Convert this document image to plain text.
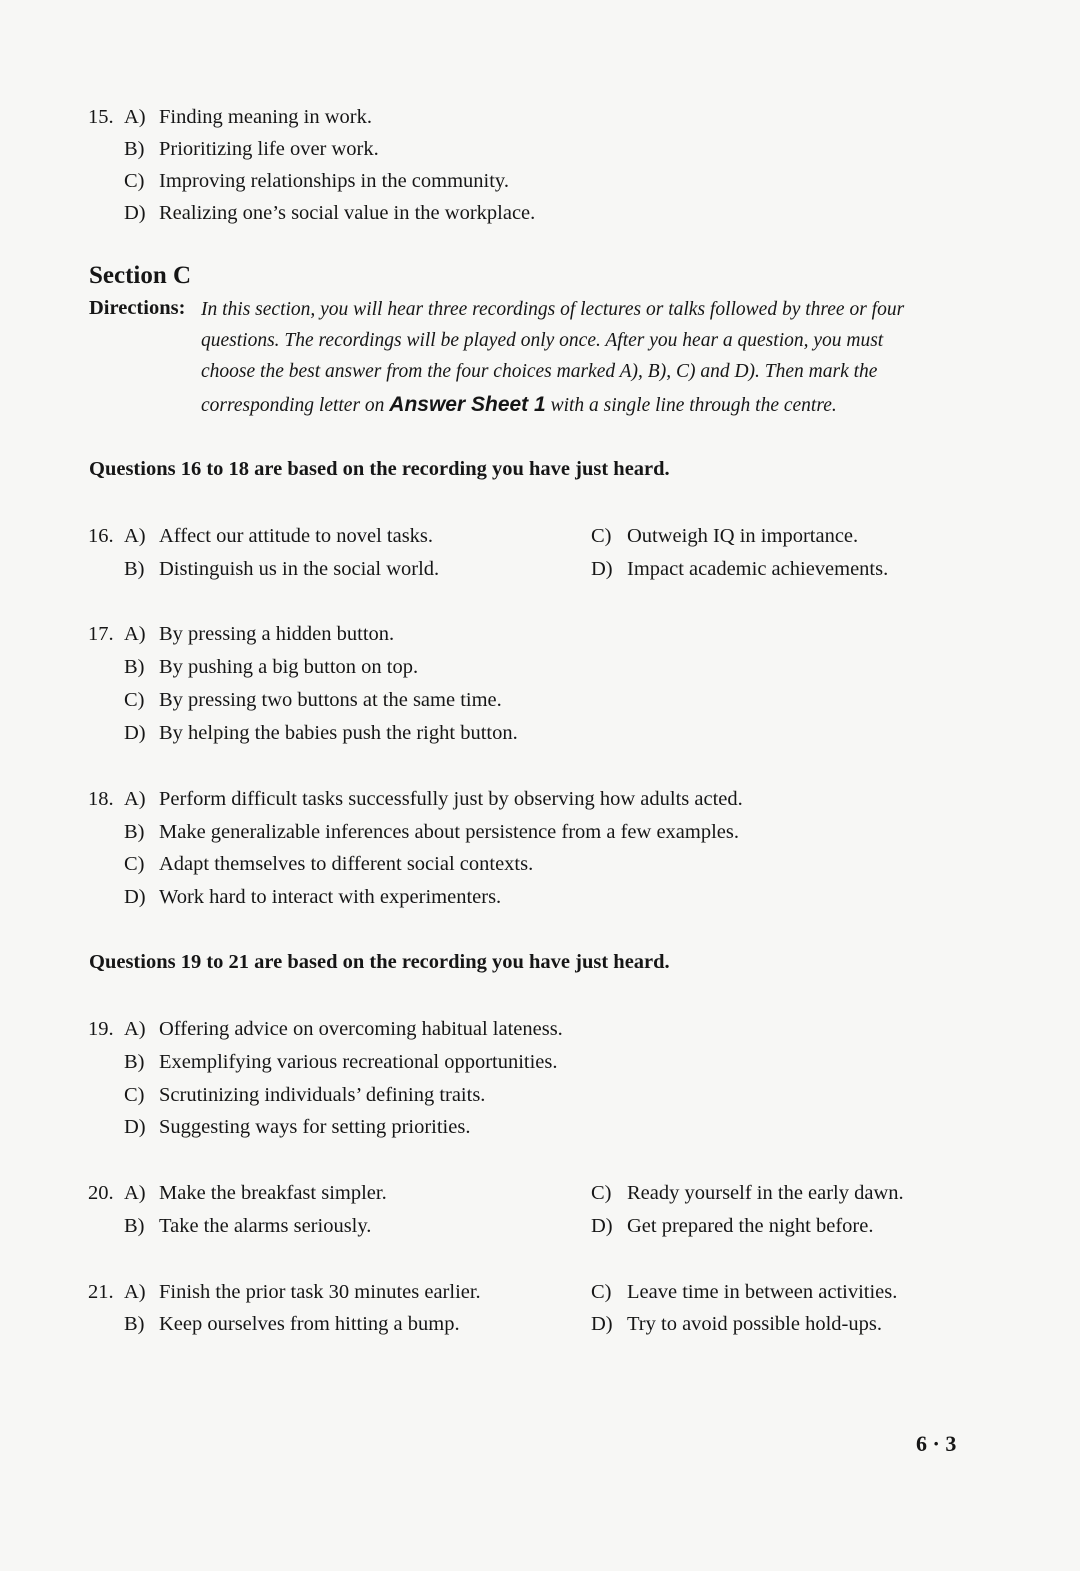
15. A) Finding meaning in work.
B) Prioritizing life over work.
C) Improving relationships in the community.
D) Realizing one’s social value in the workplace.
Section C
Directions: In this section, you will hear three recordings of lectures or talks followed by three or four
questions. The recordings will be played only once. After you hear a question, you must
choose the best answer from the four choices marked A), B), C) and D). Then mark the
corresponding letter on Answer Sheet 1 with a single line through the centre.
Questions 16 to 18 are based on the recording you have just heard.
16. A) Affect our attitude to novel tasks.	C) Outweigh IQ in importance.
B) Distinguish us in the social world.	D) Impact academic achievements.
17. A) By pressing a hidden button.
B) By pushing a big button on top.
C) By pressing two buttons at the same time.
D) By helping the babies push the right button.
18. A) Perform difficult tasks successfully just by observing how adults acted.
B) Make generalizable inferences about persistence from a few examples.
C) Adapt themselves to different social contexts.
D) Work hard to interact with experimenters.
Questions 19 to 21 are based on the recording you have just heard.
19. A) Offering advice on overcoming habitual lateness.
B) Exemplifying various recreational opportunities.
C) Scrutinizing individuals’ defining traits.
D) Suggesting ways for setting priorities.
20. A) Make the breakfast simpler.	C) Ready yourself in the early dawn.
B) Take the alarms seriously.	D) Get prepared the night before.
21. A) Finish the prior task 30 minutes earlier.	C) Leave time in between activities.
B) Keep ourselves from hitting a bump.	D) Try to avoid possible hold-ups.
6 · 3
